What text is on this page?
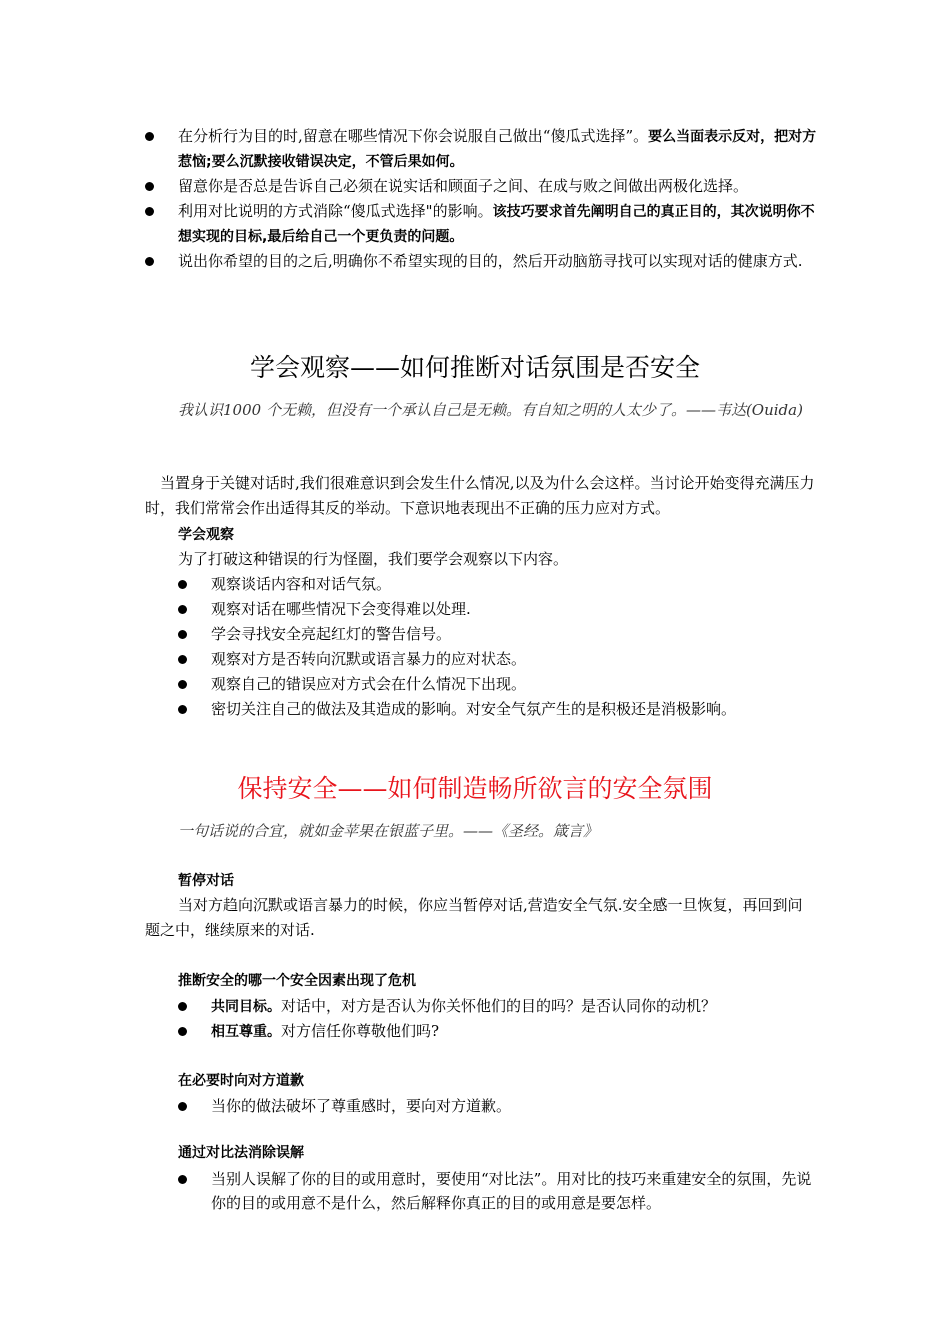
在分析行为目的时,留意在哪些情况下你会说服自己做出“傻瓜式选择”。要么当面表示反对，把对方惹恼;要么沉默接收错误决定，不管后果如何。
留意你是否总是告诉自己必须在说实话和顾面子之间、在成与败之间做出两极化选择。
利用对比说明的方式消除“傻瓜式选择"的影响。该技巧要求首先阐明自己的真正目的，其次说明你不想实现的目标,最后给自己一个更负责的问题。
说出你希望的目的之后,明确你不希望实现的目的，然后开动脑筋寻找可以实现对话的健康方式.
学会观察——如何推断对话氛围是否安全
我认识1000 个无赖，但没有一个承认自己是无赖。有自知之明的人太少了。——韦达(Ouida)
当置身于关键对话时,我们很难意识到会发生什么情况,以及为什么会这样。当讨论开始变得充满压力时，我们常常会作出适得其反的举动。下意识地表现出不正确的压力应对方式。
学会观察
为了打破这种错误的行为怪圈，我们要学会观察以下内容。
观察谈话内容和对话气氛。
观察对话在哪些情况下会变得难以处理.
学会寻找安全亮起红灯的警告信号。
观察对方是否转向沉默或语言暴力的应对状态。
观察自己的错误应对方式会在什么情况下出现。
密切关注自己的做法及其造成的影响。对安全气氛产生的是积极还是消极影响。
保持安全——如何制造畅所欲言的安全氛围
一句话说的合宜，就如金苹果在银蓝子里。——《圣经。箴言》
暂停对话
当对方趋向沉默或语言暴力的时候，你应当暂停对话,营造安全气氛.安全感一旦恢复，再回到问题之中，继续原来的对话.
推断安全的哪一个安全因素出现了危机
共同目标。对话中，对方是否认为你关怀他们的目的吗？是否认同你的动机？
相互尊重。对方信任你尊敬他们吗?
在必要时向对方道歉
当你的做法破坏了尊重感时，要向对方道歉。
通过对比法消除误解
当别人误解了你的目的或用意时，要使用“对比法”。用对比的技巧来重建安全的氛围，先说你的目的或用意不是什么，然后解释你真正的目的或用意是要怎样。
